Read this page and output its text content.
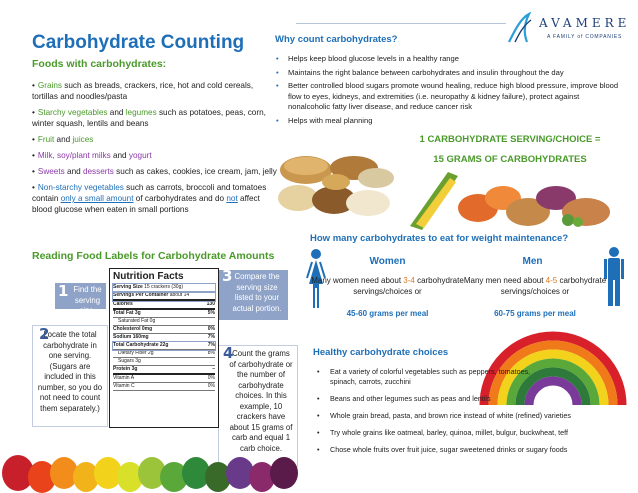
Carbohydrate Counting
Foods with carbohydrates:
• Grains such as breads, crackers, rice, hot and cold cereals, tortillas and noodles/pasta
• Starchy vegetables and legumes such as potatoes, peas, corn, winter squash, lentils and beans
• Fruit and juices
• Milk, soy/plant milks and yogurt
• Sweets and desserts such as cakes, cookies, ice cream, jam, jelly
• Non-starchy vegetables such as carrots, broccoli and tomatoes contain only a small amount of carbohydrates and do not affect blood glucose when eaten in small portions
Why count carbohydrates?
• Helps keep blood glucose levels in a healthy range
• Maintains the right balance between carbohydrates and insulin throughout the day
• Better controlled blood sugars promote wound healing, reduce high blood pressure, improve blood flow to eyes, kidneys, and extremities (i.e. neuropathy & kidney failure), protect against nonalcoholic fatty liver disease, and reduce cancer risk
• Helps with meal planning
AVAMERE
A FAMILY of COMPANIES
1 CARBOHYDRATE SERVING/CHOICE =
15 GRAMS OF CARBOHYDRATES
Reading Food Labels for Carbohydrate Amounts
1 Find the serving size.
2
Locate the total carbohydrate in one serving. (Sugars are included in this number, so you do not need to count them separately.)
3 Compare the serving size listed to your actual portion.
4
Count the grams of carbohydrate or the number of carbohydrate choices. In this example, 10 crackers have about 15 grams of carb and equal 1 carb choice.
Nutrition Facts
Serving Size 15 crackers (30g)
Servings Per Container about 14
Calories	130
Total Fat 3g	5%
Saturated Fat 0g
Cholesterol 0mg	0%
Sodium 160mg	7%
Total Carbohydrate 22g	7%
Dietary Fiber 2g	8%
Sugars 3g
Protein 3g	–
Vitamin A	0%
Vitamin C	0%
How many carbohydrates to eat for weight maintenance?
Women	Men
Many women need about 3-4 carbohydrate servings/choices or
Many men need about 4-5 carbohydrate servings/choices or
45-60 grams per meal	60-75 grams per meal
Healthy carbohydrate choices
• Eat a variety of colorful vegetables such as peppers, tomatoes, spinach, carrots, zucchini
• Beans and other legumes such as peas and lentils
• Whole grain bread, pasta, and brown rice instead of white (refined) varieties
• Try whole grains like oatmeal, barley, quinoa, millet, bulgur, buckwheat, teff
• Chose whole fruits over fruit juice, sugar sweetened drinks or sugary foods
